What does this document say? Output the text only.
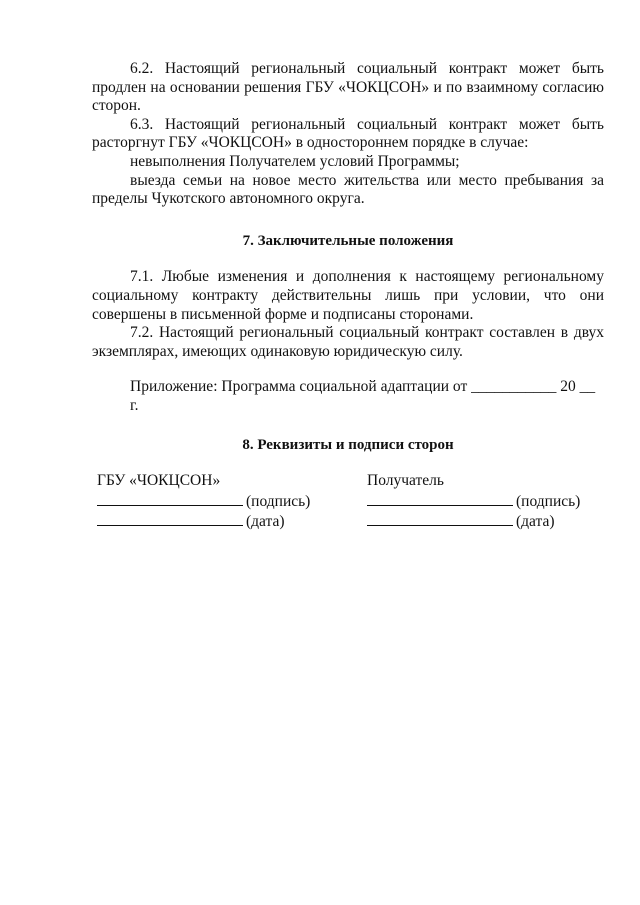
6.2. Настоящий региональный социальный контракт может быть продлен на основании решения ГБУ «ЧОКЦСОН» и по взаимному согласию сторон.

6.3. Настоящий региональный социальный контракт может быть расторгнут ГБУ «ЧОКЦСОН» в одностороннем порядке в случае:

невыполнения Получателем условий Программы;

выезда семьи на новое место жительства или место пребывания за пределы Чукотского автономного округа.

7. Заключительные положения

7.1. Любые изменения и дополнения к настоящему региональному социальному контракту действительны лишь при условии, что они совершены в письменной форме и подписаны сторонами.

7.2. Настоящий региональный социальный контракт составлен в двух экземплярах, имеющих одинаковую юридическую силу.

Приложение: Программа социальной адаптации от ___________ 20 __ г.

8. Реквизиты и подписи сторон

ГБУ «ЧОКЦСОН»
(подпись)
(дата)
Получатель
(подпись)
(дата)
